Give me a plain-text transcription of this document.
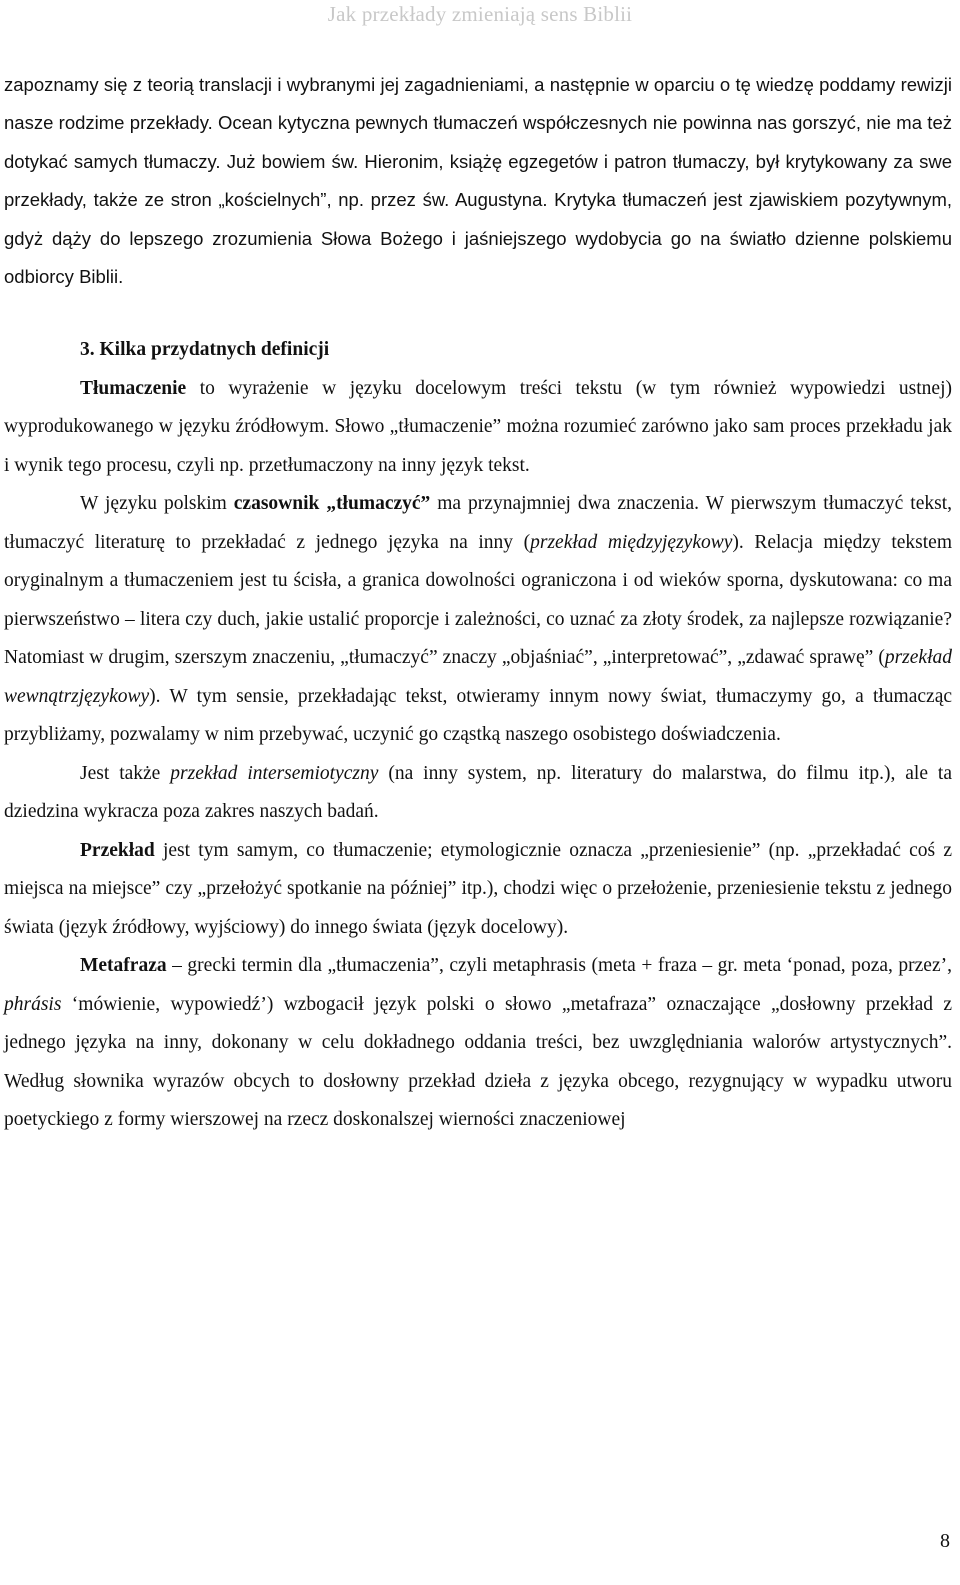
Jak przekłady zmieniają sens Biblii

zapoznamy się z teorią translacji i wybranymi jej zagadnieniami, a następnie w oparciu o tę wiedzę poddamy rewizji nasze rodzime przekłady. Ocean kytyczna pewnych tłumaczeń współczesnych nie powinna nas gorszyć, nie ma też dotykać samych tłumaczy. Już bowiem św. Hieronim, książę egzegetów i patron tłumaczy, był krytykowany za swe przekłady, także ze stron „kościelnych”, np. przez św. Augustyna. Krytyka tłumaczeń jest zjawiskiem pozytywnym, gdyż dąży do lepszego zrozumienia Słowa Bożego i jaśniejszego wydobycia go na światło dzienne polskiemu odbiorcy Biblii.

3. Kilka przydatnych definicji

Tłumaczenie to wyrażenie w języku docelowym treści tekstu (w tym również wypowiedzi ustnej) wyprodukowanego w języku źródłowym. Słowo „tłumaczenie” można rozumieć zarówno jako sam proces przekładu jak i wynik tego procesu, czyli np. przetłumaczony na inny język tekst.

W języku polskim czasownik „tłumaczyć” ma przynajmniej dwa znaczenia. W pierwszym tłumaczyć tekst, tłumaczyć literaturę to przekładać z jednego języka na inny (przekład międzyjęzykowy). Relacja między tekstem oryginalnym a tłumaczeniem jest tu ścisła, a granica dowolności ograniczona i od wieków sporna, dyskutowana: co ma pierwszeństwo – litera czy duch, jakie ustalić proporcje i zależności, co uznać za złoty środek, za najlepsze rozwiązanie? Natomiast w drugim, szerszym znaczeniu, „tłumaczyć” znaczy „objaśniać”, „interpretować”, „zdawać sprawę” (przekład wewnątrzjęzykowy). W tym sensie, przekładając tekst, otwieramy innym nowy świat, tłumaczymy go, a tłumacząc przybliżamy, pozwalamy w nim przebywać, uczynić go cząstką naszego osobistego doświadczenia.

Jest także przekład intersemiotyczny (na inny system, np. literatury do malarstwa, do filmu itp.), ale ta dziedzina wykracza poza zakres naszych badań.

Przekład jest tym samym, co tłumaczenie; etymologicznie oznacza „przeniesienie” (np. „przekładać coś z miejsca na miejsce” czy „przełożyć spotkanie na później” itp.), chodzi więc o przełożenie, przeniesienie tekstu z jednego świata (język źródłowy, wyjściowy) do innego świata (język docelowy).

Metafraza – grecki termin dla „tłumaczenia”, czyli metaphrasis (meta + fraza – gr. meta ‘ponad, poza, przez’, phrásis ‘mówienie, wypowiedź’) wzbogacił język polski o słowo „metafraza” oznaczające „dosłowny przekład z jednego języka na inny, dokonany w celu dokładnego oddania treści, bez uwzględniania walorów artystycznych”. Według słownika wyrazów obcych to dosłowny przekład dzieła z języka obcego, rezygnujący w wypadku utworu poetyckiego z formy wierszowej na rzecz doskonalszej wierności znaczeniowej

8
